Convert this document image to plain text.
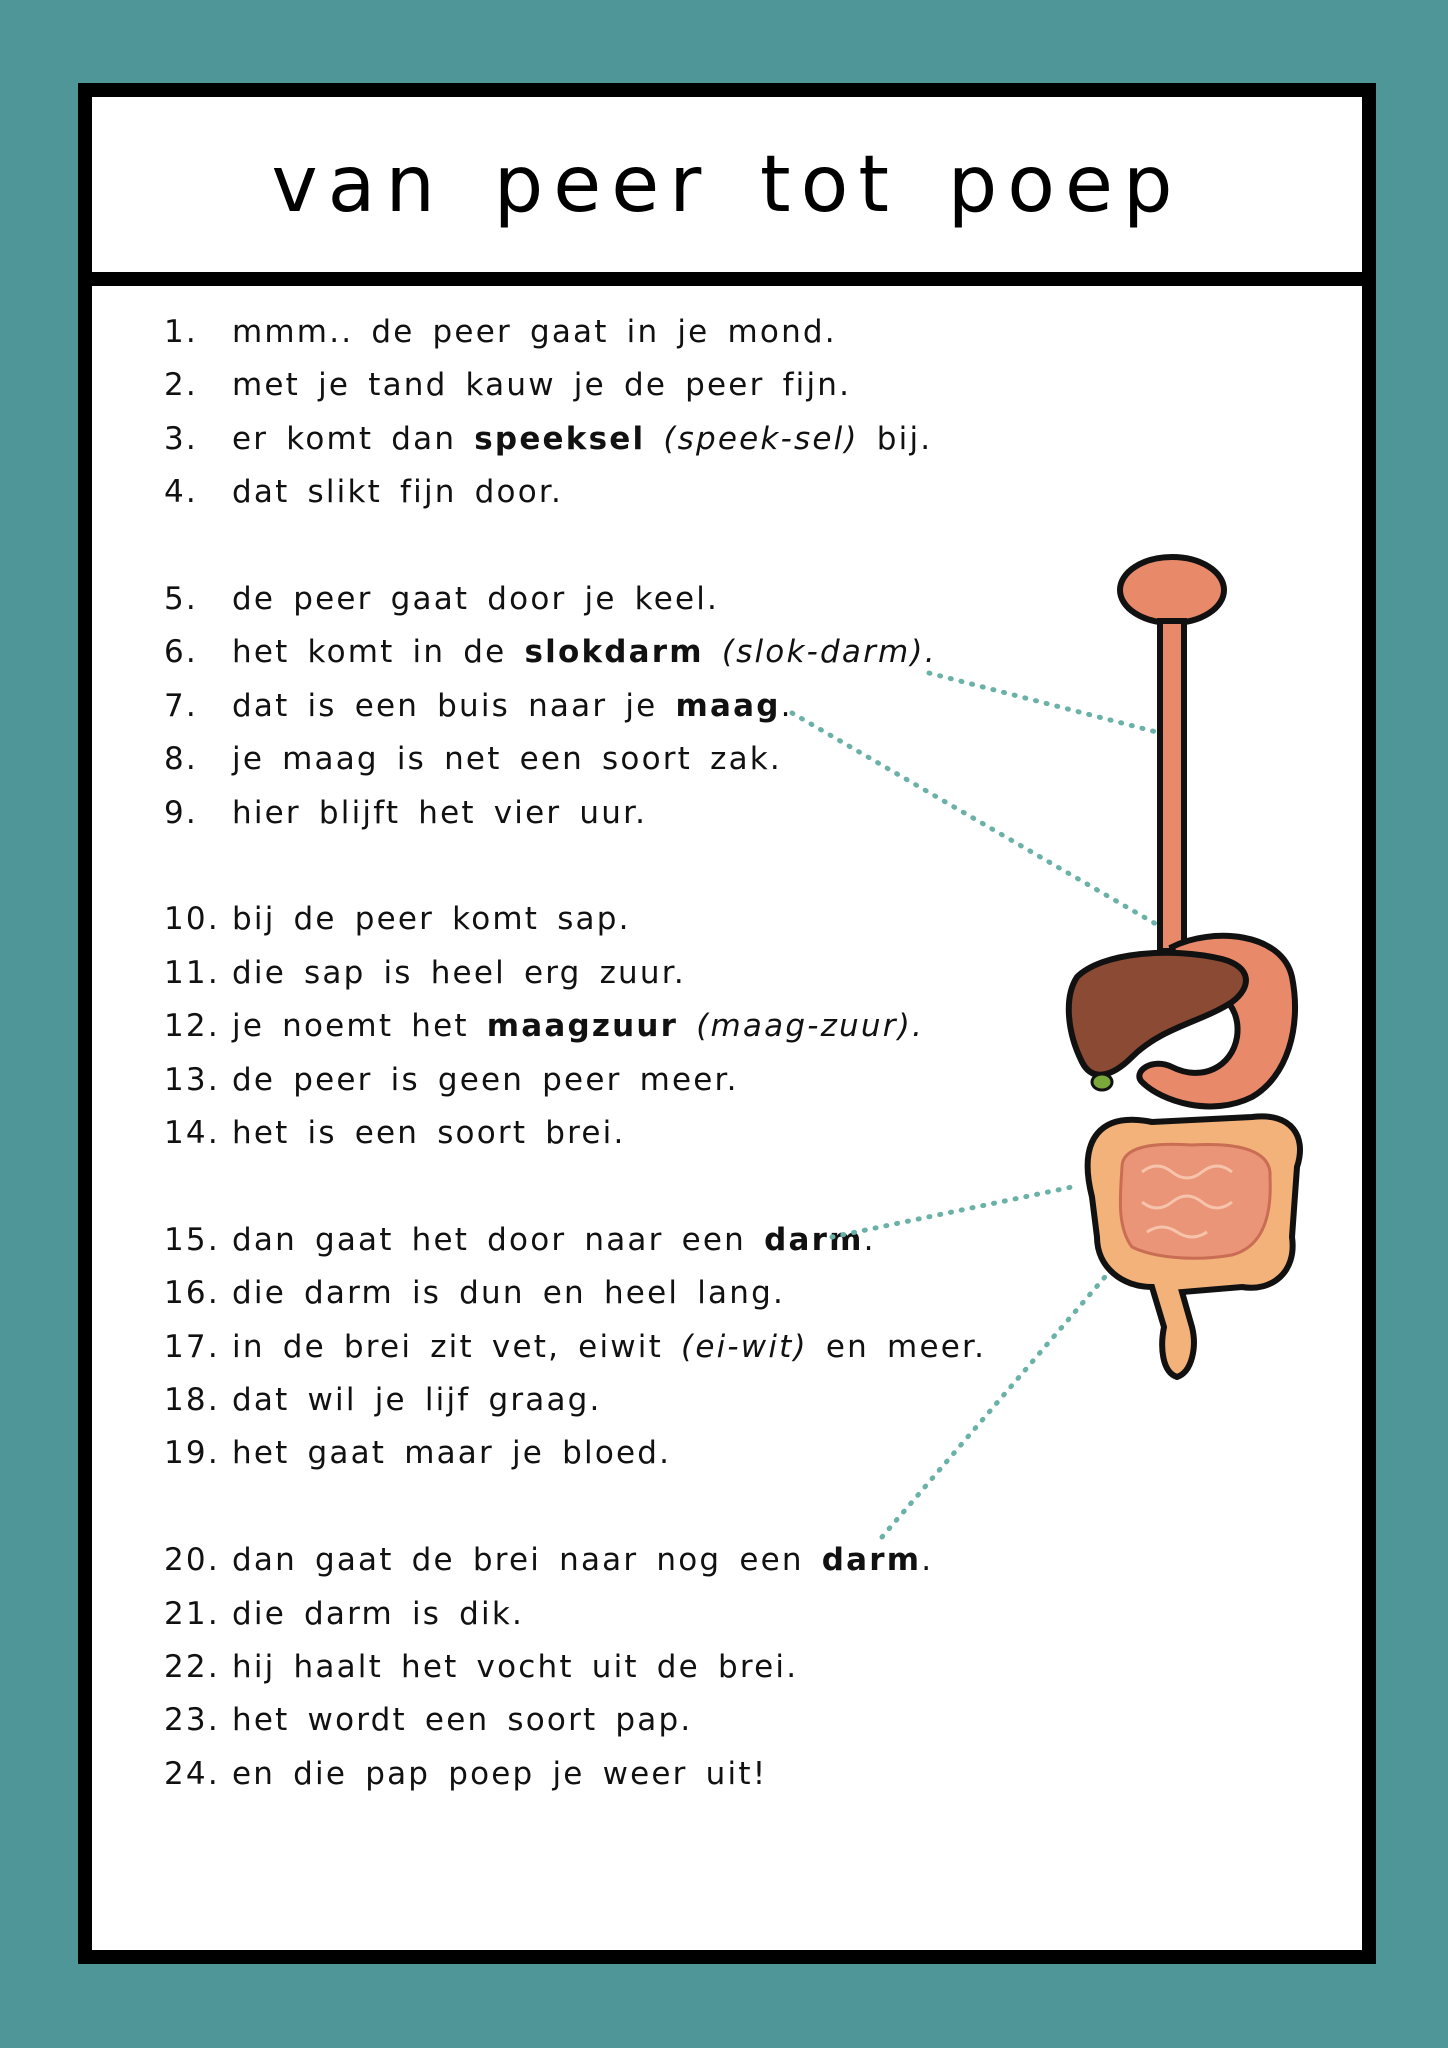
van peer tot poep
1. mmm.. de peer gaat in je mond.
2. met je tand kauw je de peer fijn.
3. er komt dan speeksel (speek-sel) bij.
4. dat slikt fijn door.
5. de peer gaat door je keel.
6. het komt in de slokdarm (slok-darm).
7. dat is een buis naar je maag.
8. je maag is net een soort zak.
9. hier blijft het vier uur.
10. bij de peer komt sap.
11. die sap is heel erg zuur.
12. je noemt het maagzuur (maag-zuur).
13. de peer is geen peer meer.
14. het is een soort brei.
15. dan gaat het door naar een darm.
16. die darm is dun en heel lang.
17. in de brei zit vet, eiwit (ei-wit) en meer.
18. dat wil je lijf graag.
19. het gaat maar je bloed.
20. dan gaat de brei naar nog een darm.
21. die darm is dik.
22. hij haalt het vocht uit de brei.
23. het wordt een soort pap.
24. en die pap poep je weer uit!
